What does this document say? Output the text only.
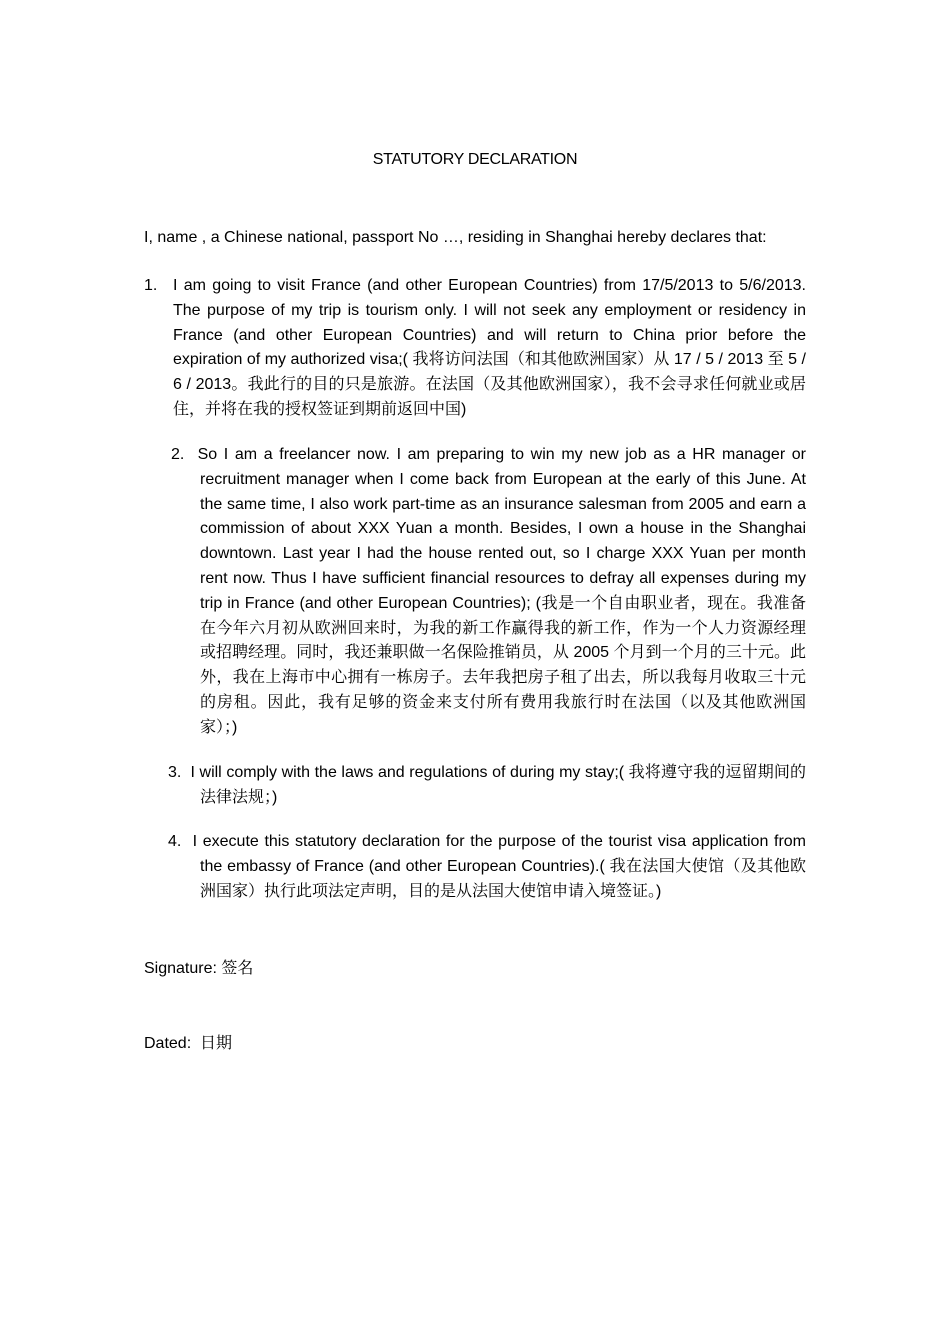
STATUTORY DECLARATION
I, name , a Chinese national, passport No …, residing in Shanghai hereby declares that:
1. I am going to visit France (and other European Countries) from 17/5/2013 to 5/6/2013. The purpose of my trip is tourism only. I will not seek any employment or residency in France (and other European Countries) and will return to China prior before the expiration of my authorized visa;( 我将访问法国（和其他欧洲国家）从 17 / 5 / 2013 至 5 / 6 / 2013。我此行的目的只是旅游。在法国（及其他欧洲国家），我不会寻求任何就业或居住，并将在我的授权签证到期前返回中国)
2. So I am a freelancer now. I am preparing to win my new job as a HR manager or recruitment manager when I come back from European at the early of this June. At the same time, I also work part-time as an insurance salesman from 2005 and earn a commission of about XXX Yuan a month. Besides, I own a house in the Shanghai downtown. Last year I had the house rented out, so I charge XXX Yuan per month rent now. Thus I have sufficient financial resources to defray all expenses during my trip in France (and other European Countries); (我是一个自由职业者，现在。我准备在今年六月初从欧洲回来时，为我的新工作赢得我的新工作，作为一个人力资源经理或招聘经理。同时，我还兼职做一名保险推销员，从 2005 个月到一个月的三十元。此外，我在上海市中心拥有一栋房子。去年我把房子租了出去，所以我每月收取三十元的房租。因此，我有足够的资金来支付所有费用我旅行时在法国（以及其他欧洲国家）；)
3. I will comply with the laws and regulations of during my stay;( 我将遵守我的逗留期间的法律法规；)
4. I execute this statutory declaration for the purpose of the tourist visa application from the embassy of France (and other European Countries).( 我在法国大使馆（及其他欧洲国家）执行此项法定声明，目的是从法国大使馆申请入境签证。)
Signature: 签名
Dated: 日期
